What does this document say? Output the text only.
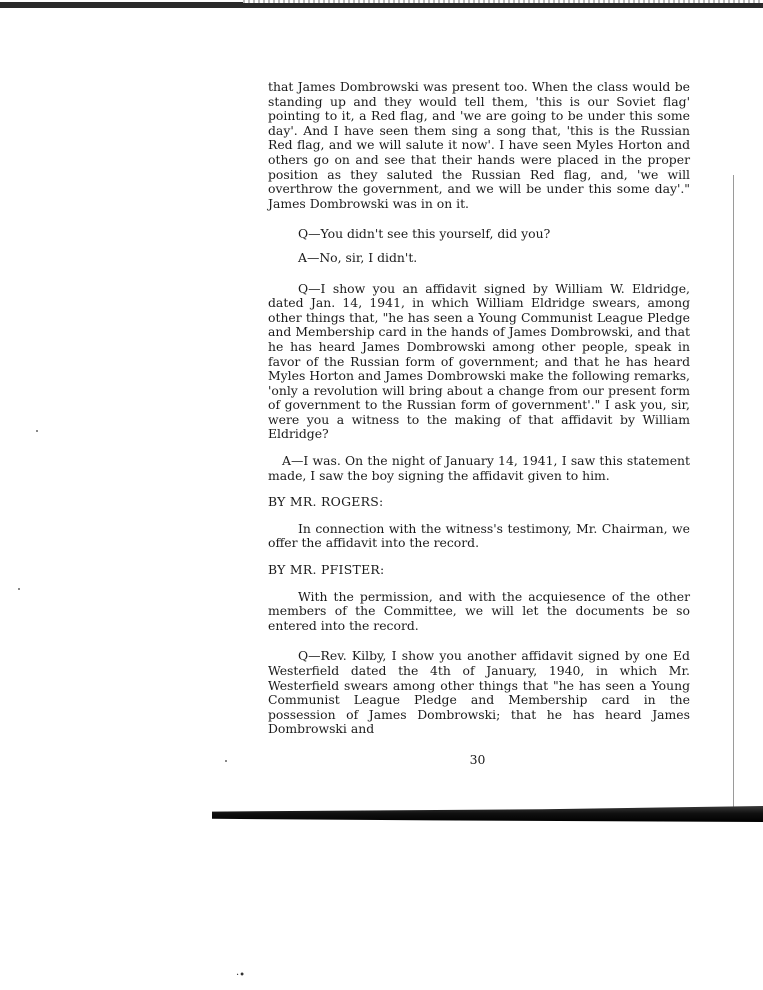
that James Dombrowski was present too. When the class would be standing up and they would tell them, 'this is our Soviet flag' pointing to it, a Red flag, and 'we are going to be under this some day'. And I have seen them sing a song that, 'this is the Russian Red flag, and we will salute it now'. I have seen Myles Horton and others go on and see that their hands were placed in the proper position as they saluted the Russian Red flag, and, 'we will overthrow the government, and we will be under this some day'." James Dombrowski was in on it.

Q—You didn't see this yourself, did you?

A—No, sir, I didn't.

Q—I show you an affidavit signed by William W. Eldridge, dated Jan. 14, 1941, in which William Eldridge swears, among other things that, "he has seen a Young Communist League Pledge and Membership card in the hands of James Dombrowski, and that he has heard James Dombrowski among other people, speak in favor of the Russian form of government; and that he has heard Myles Horton and James Dombrowski make the following remarks, 'only a revolution will bring about a change from our present form of government to the Russian form of government'." I ask you, sir, were you a witness to the making of that affidavit by William Eldridge?

A—I was. On the night of January 14, 1941, I saw this statement made, I saw the boy signing the affidavit given to him.

BY MR. ROGERS:

In connection with the witness's testimony, Mr. Chairman, we offer the affidavit into the record.

BY MR. PFISTER:

With the permission, and with the acquiesence of the other members of the Committee, we will let the documents be so entered into the record.

Q—Rev. Kilby, I show you another affidavit signed by one Ed Westerfield dated the 4th of January, 1940, in which Mr. Westerfield swears among other things that "he has seen a Young Communist League Pledge and Membership card in the possession of James Dombrowski; that he has heard James Dombrowski and

30
·•
